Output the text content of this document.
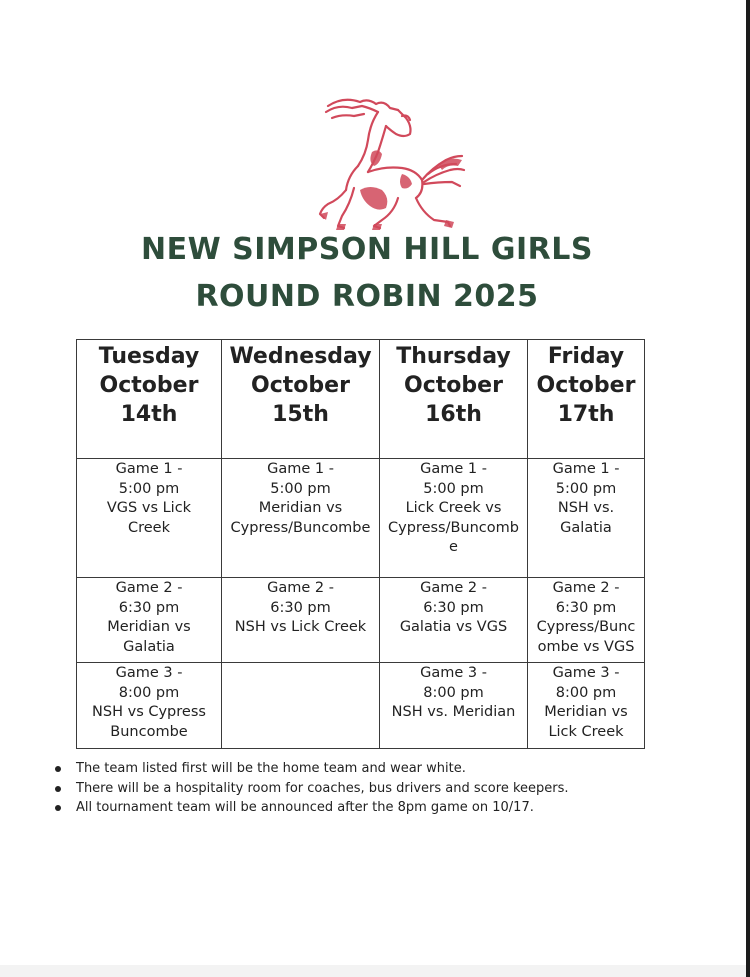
NEW SIMPSON HILL GIRLS
ROUND ROBIN 2025
Tuesday
October
14th	Wednesday
October
15th	Thursday
October
16th	Friday
October
17th

Game 1 -
5:00 pm
VGS vs Lick
Creek	Game 1 -
5:00 pm
Meridian vs
Cypress/Buncombe	Game 1 -
5:00 pm
Lick Creek vs
Cypress/Buncomb
e	Game 1 -
5:00 pm
NSH vs.
Galatia

Game 2 -
6:30 pm
Meridian vs
Galatia	Game 2 -
6:30 pm
NSH vs Lick Creek	Game 2 -
6:30 pm
Galatia vs VGS	Game 2 -
6:30 pm
Cypress/Bunc
ombe vs VGS

Game 3 -
8:00 pm
NSH vs Cypress
Buncombe		Game 3 -
8:00 pm
NSH vs. Meridian	Game 3 -
8:00 pm
Meridian vs
Lick Creek
The team listed first will be the home team and wear white.
There will be a hospitality room for coaches, bus drivers and score keepers.
All tournament team will be announced after the 8pm game on 10/17.
